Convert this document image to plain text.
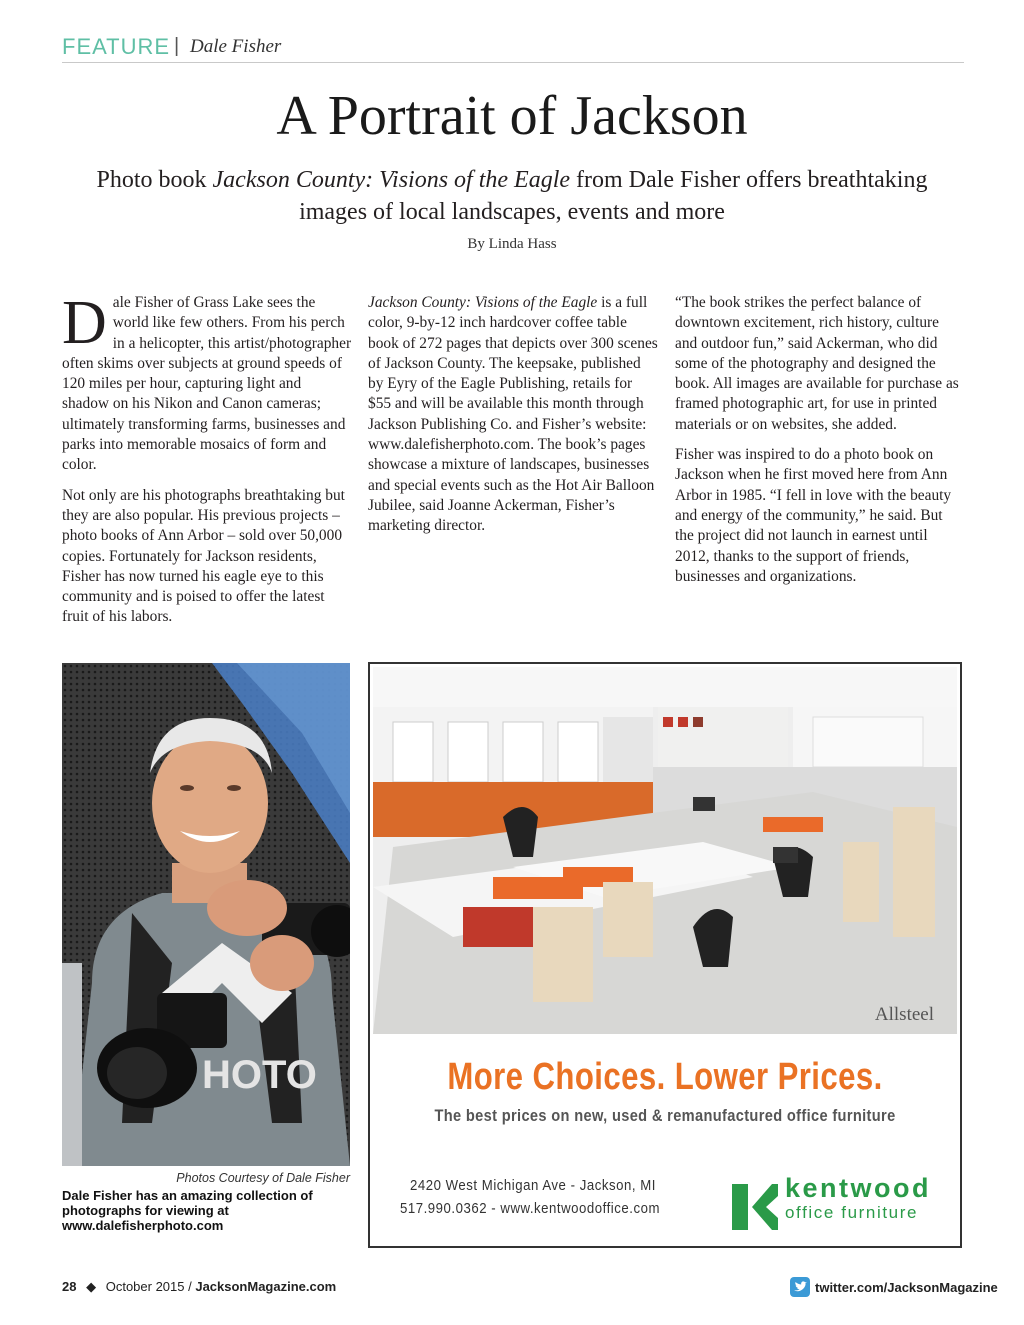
FEATURE | Dale Fisher
A Portrait of Jackson
Photo book Jackson County: Visions of the Eagle from Dale Fisher offers breathtaking images of local landscapes, events and more
By Linda Hass

Dale Fisher of Grass Lake sees the world like few others. From his perch in a helicopter, this artist/photographer often skims over subjects at ground speeds of 120 miles per hour, capturing light and shadow on his Nikon and Canon cameras; ultimately transforming farms, businesses and parks into memorable mosaics of form and color.

Not only are his photographs breathtaking but they are also popular. His previous projects – photo books of Ann Arbor – sold over 50,000 copies. Fortunately for Jackson residents, Fisher has now turned his eagle eye to this community and is poised to offer the latest fruit of his labors.

Jackson County: Visions of the Eagle is a full color, 9-by-12 inch hardcover coffee table book of 272 pages that depicts over 300 scenes of Jackson County. The keepsake, published by Eyry of the Eagle Publishing, retails for $55 and will be available this month through Jackson Publishing Co. and Fisher’s website: www.dalefisherphoto.com. The book’s pages showcase a mixture of landscapes, businesses and special events such as the Hot Air Balloon Jubilee, said Joanne Ackerman, Fisher’s marketing director.

“The book strikes the perfect balance of downtown excitement, rich history, culture and outdoor fun,” said Ackerman, who did some of the photography and designed the book. All images are available for purchase as framed photographic art, for use in printed materials or on websites, she added.

Fisher was inspired to do a photo book on Jackson when he first moved here from Ann Arbor in 1985. “I fell in love with the beauty and energy of the community,” he said. But the project did not launch in earnest until 2012, thanks to the support of friends, businesses and organizations.

HOTO
Photos Courtesy of Dale Fisher
Dale Fisher has an amazing collection of photographs for viewing at www.dalefisherphoto.com
Allsteel
More Choices. Lower Prices.
The best prices on new, used & remanufactured office furniture
2420 West Michigan Ave - Jackson, MI
517.990.0362 - www.kentwoodoffice.com
kentwood
office furniture
28 ◆ October 2015 / JacksonMagazine.com	twitter.com/JacksonMagazine
